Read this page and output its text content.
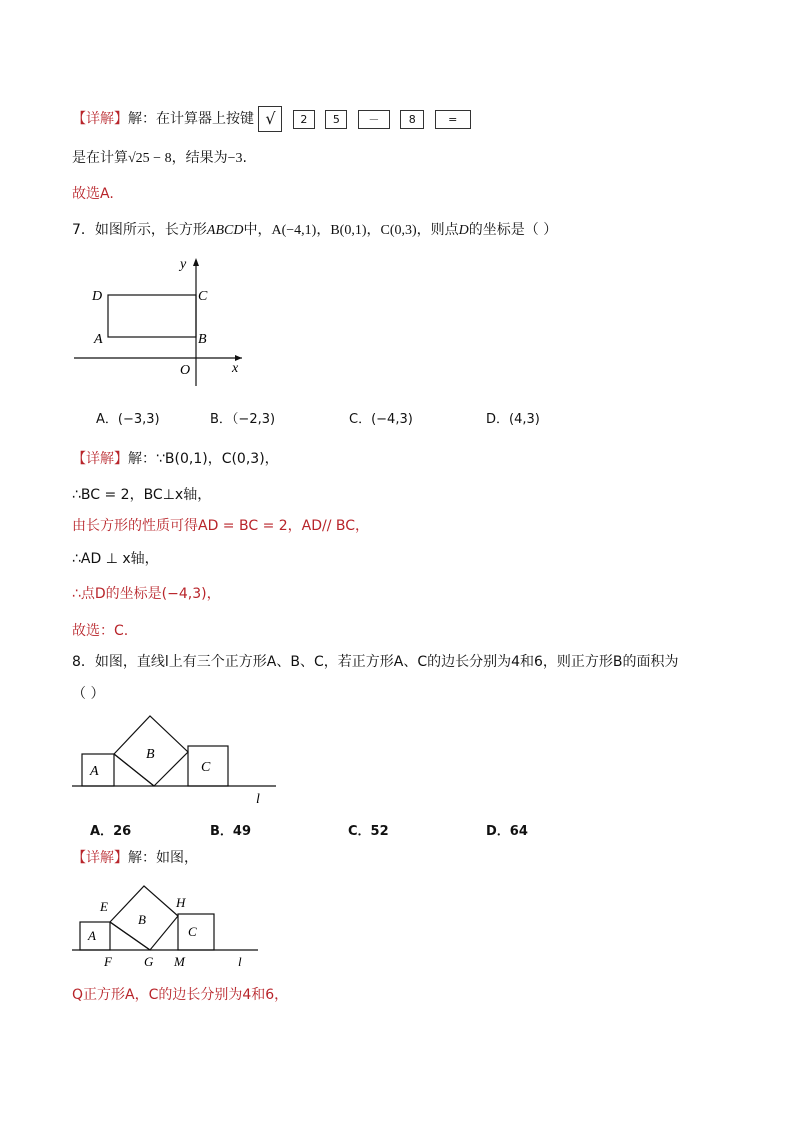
【详解】解：在计算器上按键 √ 2 5	－	8	=
是在计算√25 − 8，结果为−3.
故选A.
7．如图所示，长方形ABCD中，A(−4,1)，B(0,1)，C(0,3)，则点D的坐标是（ ）
y
x
D	C
A	B
O
A．(−3,3)	B．（−2,3)	C．(−4,3)	D．(4,3)
【详解】解：∵B(0,1)，C(0,3)，
∴BC = 2，BC⊥x轴，
由长方形的性质可得AD = BC = 2，AD// BC，
∴AD ⊥ x轴，
∴点D的坐标是(−4,3)，
故选：C.
8．如图，直线l上有三个正方形A、B、C，若正方形A、C的边长分别为4和6，则正方形B的面积为
（ ）
A
B
C
l
A．26	B．49	C．52	D．64
【详解】解：如图，
E	H
A
B
C
F G M	l
Q正方形A，C的边长分别为4和6，
